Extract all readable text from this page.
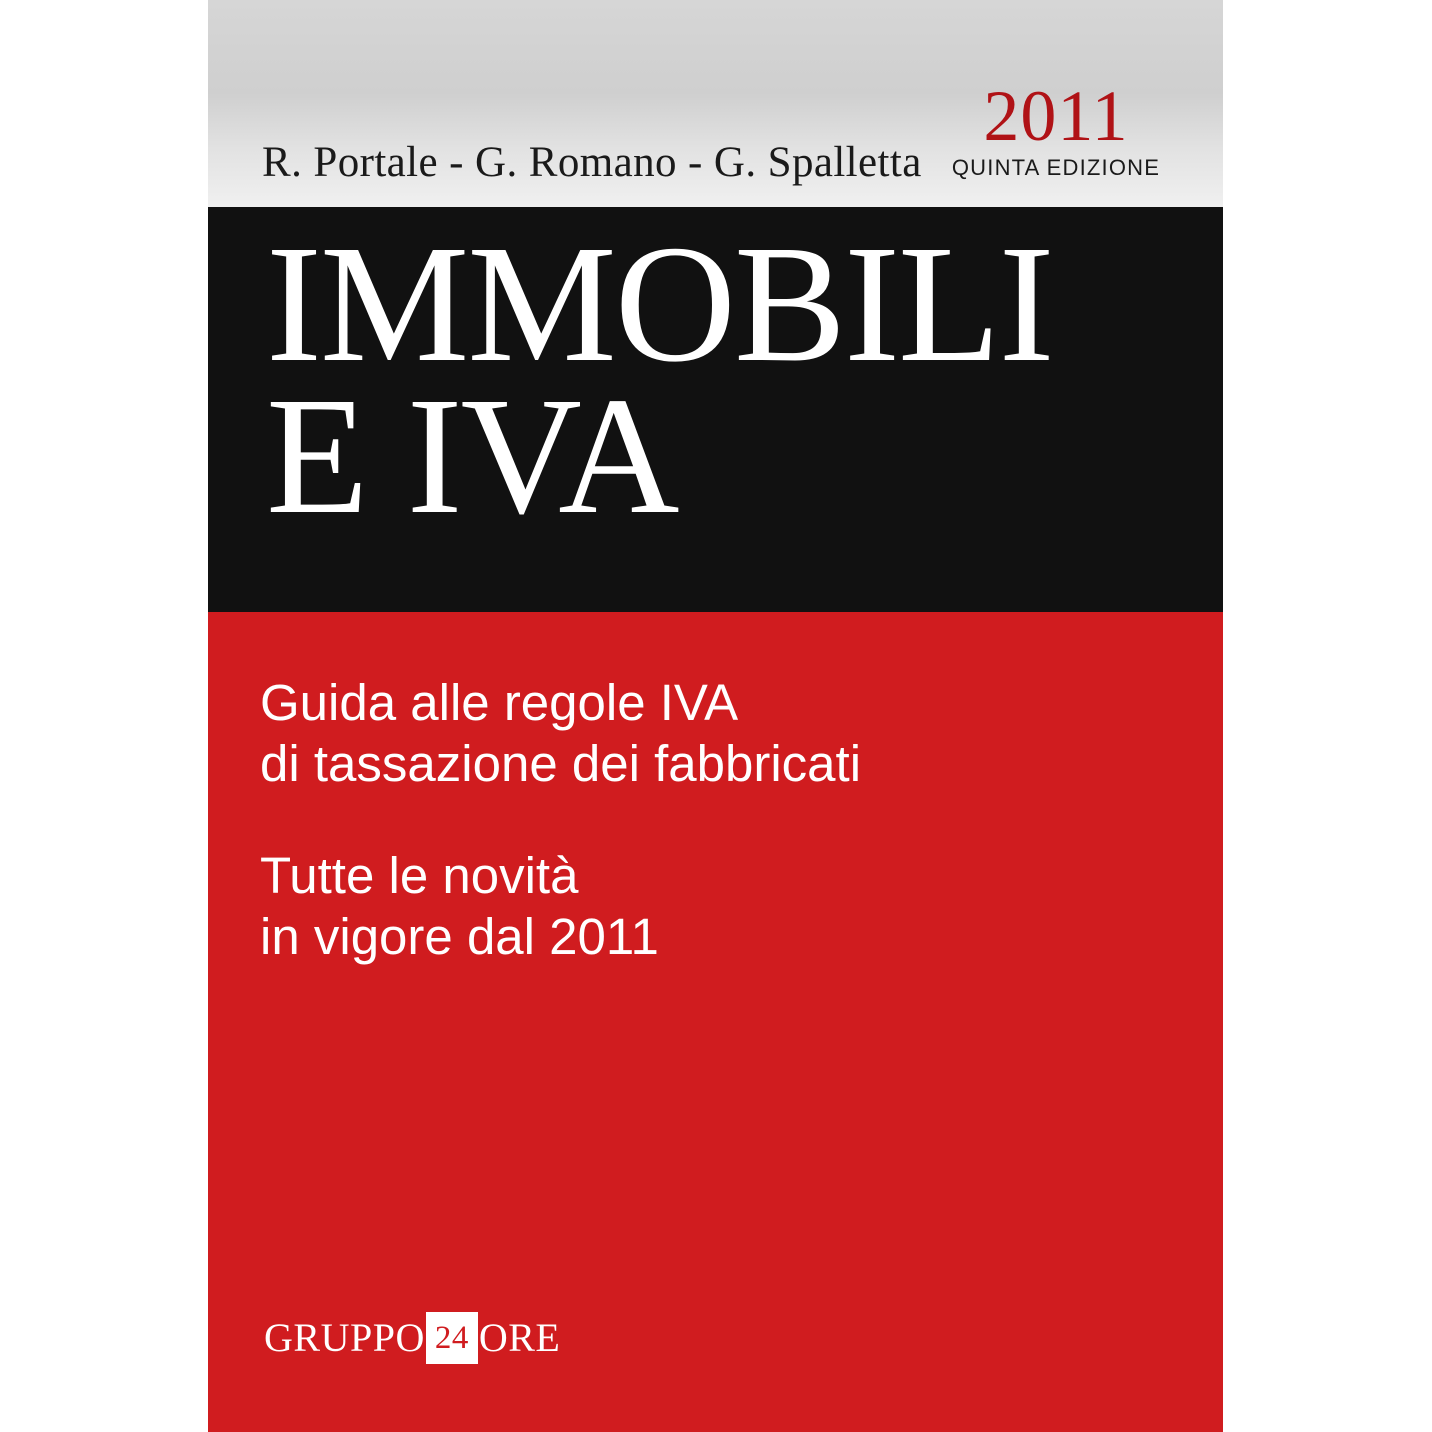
R. Portale - G. Romano - G. Spalletta
2011
QUINTA EDIZIONE
IMMOBILI
E IVA
Guida alle regole IVA
di tassazione dei fabbricati
Tutte le novità
in vigore dal 2011
GRUPPO 24 ORE
